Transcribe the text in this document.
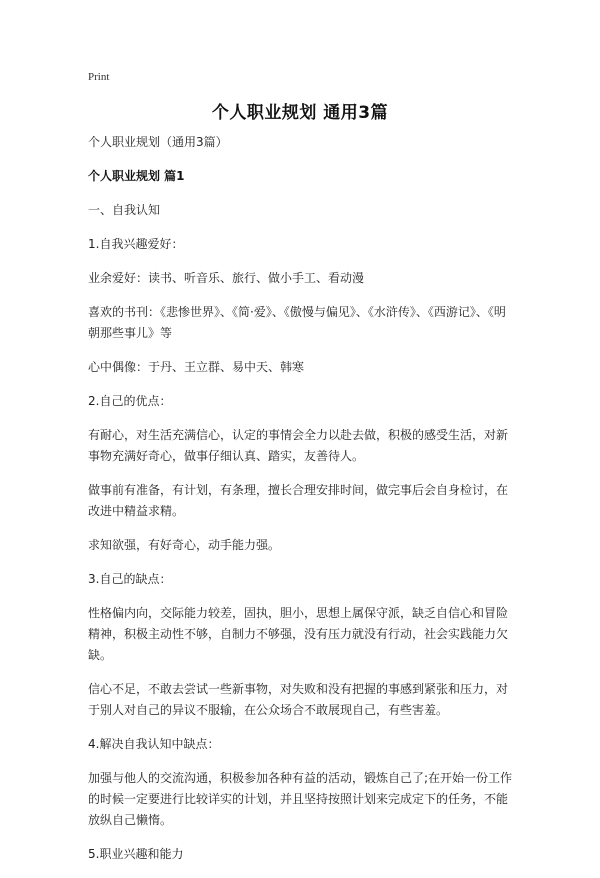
Print
个人职业规划 通用3篇

个人职业规划（通用3篇）

个人职业规划 篇1

一、自我认知

1.自我兴趣爱好：

业余爱好：读书、听音乐、旅行、做小手工、看动漫

喜欢的书刊：《悲惨世界》、《简·爱》、《傲慢与偏见》、《水浒传》、《西游记》、《明朝那些事儿》等

心中偶像：于丹、王立群、易中天、韩寒

2.自己的优点：

有耐心，对生活充满信心，认定的事情会全力以赴去做，积极的感受生活，对新事物充满好奇心，做事仔细认真、踏实，友善待人。

做事前有准备，有计划，有条理，擅长合理安排时间，做完事后会自身检讨，在改进中精益求精。

求知欲强，有好奇心，动手能力强。

3.自己的缺点：

性格偏内向，交际能力较差，固执，胆小，思想上属保守派，缺乏自信心和冒险精神，积极主动性不够，自制力不够强，没有压力就没有行动，社会实践能力欠缺。

信心不足，不敢去尝试一些新事物，对失败和没有把握的事感到紧张和压力，对于别人对自己的异议不服输，在公众场合不敢展现自己，有些害羞。

4.解决自我认知中缺点：

加强与他人的交流沟通，积极参加各种有益的活动，锻炼自己了;在开始一份工作的时候一定要进行比较详实的计划，并且坚持按照计划来完成定下的任务，不能放纵自己懒惰。

5.职业兴趣和能力
